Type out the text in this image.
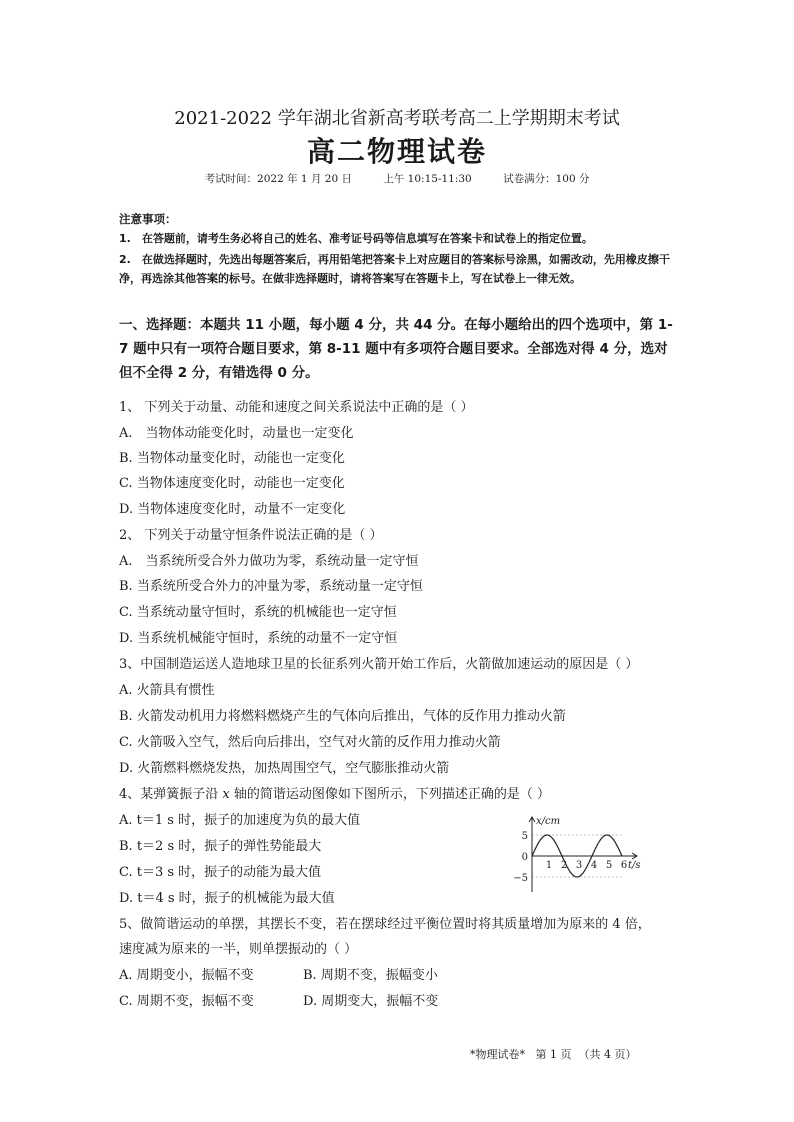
2021-2022 学年湖北省新高考联考高二上学期期末考试
高二物理试卷
考试时间：2022 年 1 月 20 日	上午 10:15-11:30	试卷满分：100 分
注意事项：
1.　在答题前，请考生务必将自己的姓名、准考证号码等信息填写在答案卡和试卷上的指定位置。
2.　在做选择题时，先选出每题答案后，再用铅笔把答案卡上对应题目的答案标号涂黑，如需改动，先用橡皮擦干净，再选涂其他答案的标号。在做非选择题时，请将答案写在答题卡上，写在试卷上一律无效。
一、选择题：本题共 11 小题，每小题 4 分，共 44 分。在每小题给出的四个选项中，第 1-7 题中只有一项符合题目要求，第 8-11 题中有多项符合题目要求。全部选对得 4 分，选对但不全得 2 分，有错选得 0 分。
1、 下列关于动量、动能和速度之间关系说法中正确的是（ ）
A.　当物体动能变化时，动量也一定变化
B. 当物体动量变化时，动能也一定变化
C. 当物体速度变化时，动能也一定变化
D. 当物体速度变化时，动量不一定变化
2、 下列关于动量守恒条件说法正确的是（ ）
A.　当系统所受合外力做功为零，系统动量一定守恒
B. 当系统所受合外力的冲量为零，系统动量一定守恒
C. 当系统动量守恒时，系统的机械能也一定守恒
D. 当系统机械能守恒时，系统的动量不一定守恒
3、中国制造运送人造地球卫星的长征系列火箭开始工作后，火箭做加速运动的原因是（ ）
A. 火箭具有惯性
B. 火箭发动机用力将燃料燃烧产生的气体向后推出，气体的反作用力推动火箭
C. 火箭吸入空气，然后向后排出，空气对火箭的反作用力推动火箭
D. 火箭燃料燃烧发热，加热周围空气，空气膨胀推动火箭
4、某弹簧振子沿 x 轴的简谐运动图像如下图所示，下列描述正确的是（ ）
A. t＝1 s 时，振子的加速度为负的最大值
B. t＝2 s 时，振子的弹性势能最大
C. t＝3 s 时，振子的动能为最大值
D. t＝4 s 时，振子的机械能为最大值
x/cm
t/s
5
0
−5
1 2 3 4 5 6
5、做简谐运动的单摆，其摆长不变，若在摆球经过平衡位置时将其质量增加为原来的 4 倍，
速度减为原来的一半，则单摆振动的（ ）
A. 周期变小，振幅不变	B. 周期不变，振幅变小
C. 周期不变，振幅不变	D. 周期变大，振幅不变
*物理试卷* 第 1 页 （共 4 页）
